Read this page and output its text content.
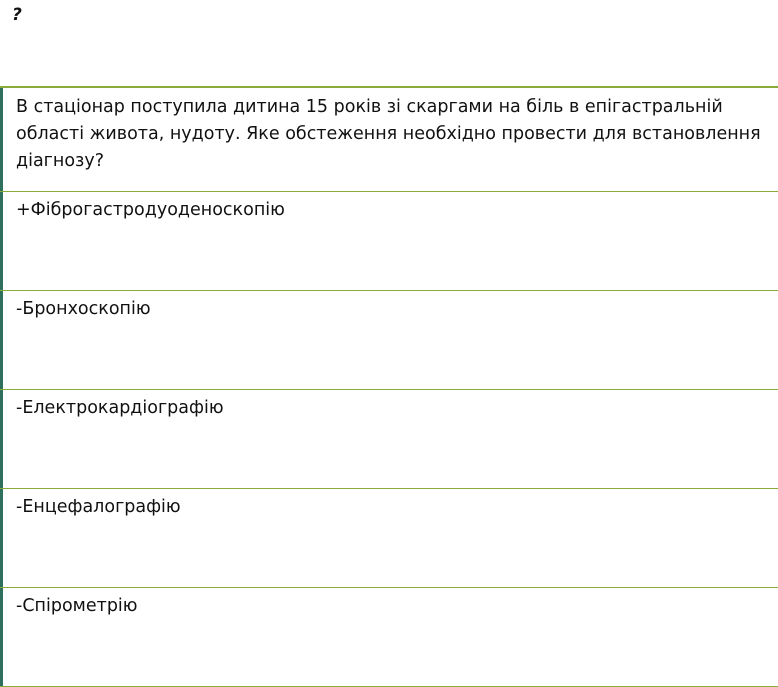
?
В стаціонар поступила дитина 15 років зі скаргами на біль в епігастральній області живота, нудоту. Яке обстеження необхідно провести для встановлення діагнозу?
+Фіброгастродуоденоскопію
-Бронхоскопію
-Електрокардіографію
-Енцефалографію
-Спірометрію
